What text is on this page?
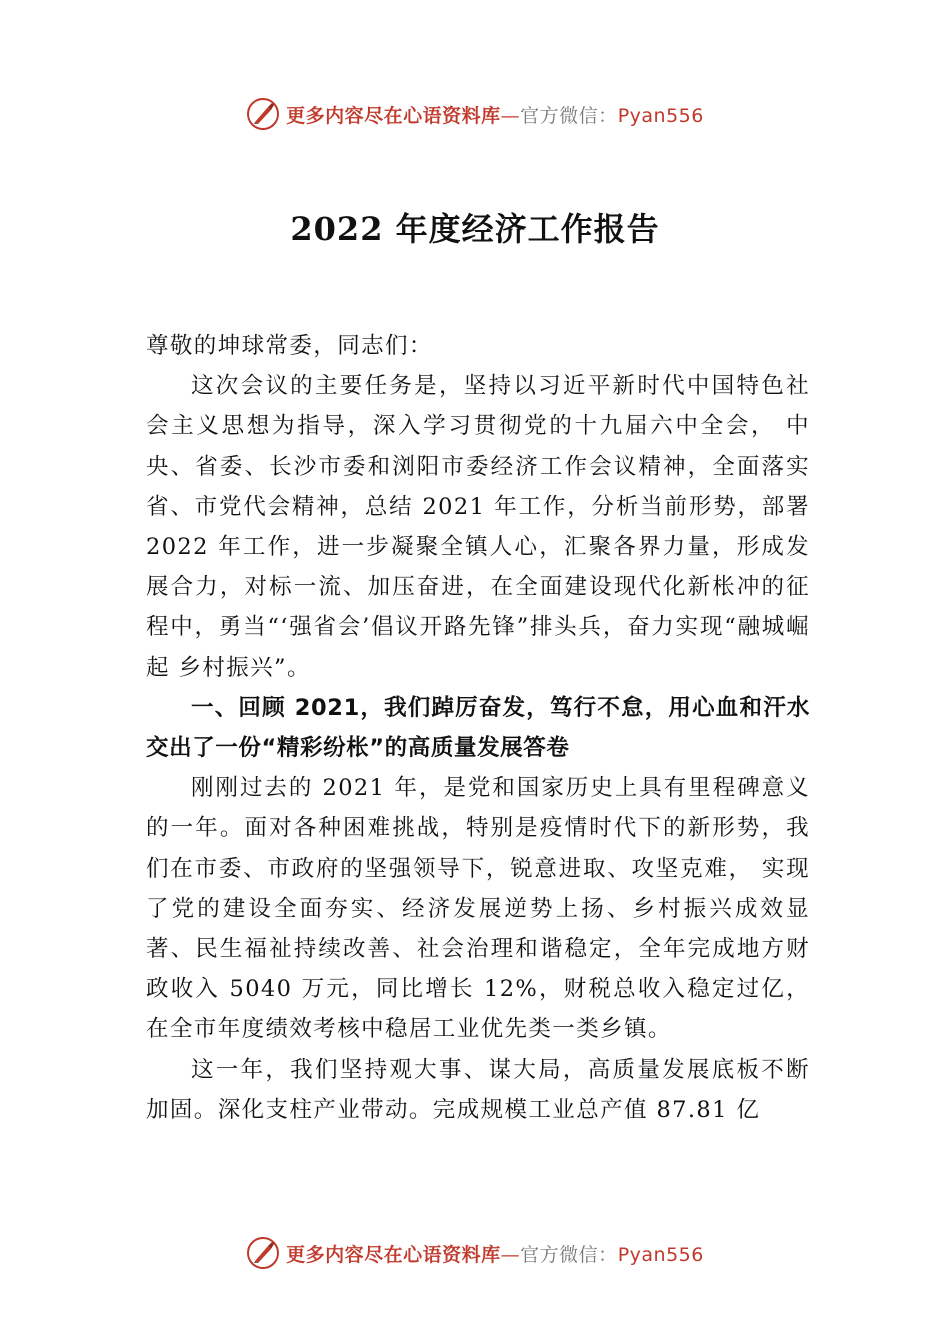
更多内容尽在心语资料库—官方微信：Pyan556
2022 年度经济工作报告

尊敬的坤球常委，同志们：

这次会议的主要任务是，坚持以习近平新时代中国特色社会主义思想为指导，深入学习贯彻党的十九届六中全会， 中央、省委、长沙市委和浏阳市委经济工作会议精神，全面落实省、市党代会精神，总结 2021 年工作，分析当前形势，部署 2022 年工作，进一步凝聚全镇人心，汇聚各界力量，形成发展合力，对标一流、加压奋进，在全面建设现代化新枨冲的征程中，勇当“‘强省会’倡议开路先锋”排头兵，奋力实现“融城崛起 乡村振兴”。

一、回顾 2021，我们踔厉奋发，笃行不怠，用心血和汗水交出了一份“精彩纷枨”的高质量发展答卷

刚刚过去的 2021 年，是党和国家历史上具有里程碑意义的一年。面对各种困难挑战，特别是疫情时代下的新形势，我们在市委、市政府的坚强领导下，锐意进取、攻坚克难， 实现了党的建设全面夯实、经济发展逆势上扬、乡村振兴成效显著、民生福祉持续改善、社会治理和谐稳定，全年完成地方财政收入 5040 万元，同比增长 12%，财税总收入稳定过亿，在全市年度绩效考核中稳居工业优先类一类乡镇。

这一年，我们坚持观大事、谋大局，高质量发展底板不断加固。深化支柱产业带动。完成规模工业总产值 87.81 亿

更多内容尽在心语资料库—官方微信：Pyan556
